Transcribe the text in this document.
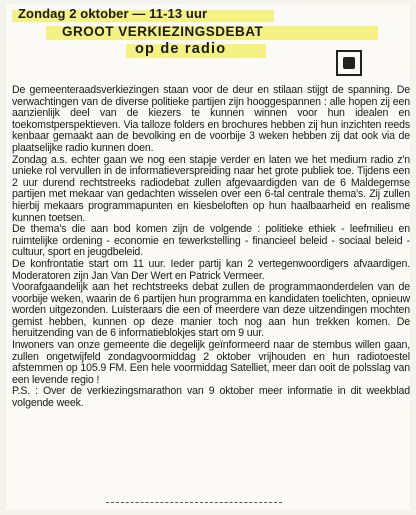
Zondag 2 oktober — 11-13 uur
GROOT VERKIEZINGSDEBAT
op de radio

De gemeenteraadsverkiezingen staan voor de deur en stilaan stijgt de spanning. De verwachtingen van de diverse politieke partijen zijn hooggespannen : alle hopen zij een aanzienlijk deel van de kiezers te kunnen winnen voor hun idealen en toekomstperspektieven. Via talloze folders en brochures hebben zij hun inzichten reeds kenbaar gemaakt aan de bevolking en de voorbije 3 weken hebben zij dat ook via de plaatselijke radio kunnen doen.

Zondag a.s. echter gaan we nog een stapje verder en laten we het medium radio z'n unieke rol vervullen in de informatieverspreiding naar het grote publiek toe. Tijdens een 2 uur durend rechtstreeks radiodebat zullen afgevaardigden van de 6 Maldegemse partijen met mekaar van gedachten wisselen over een 6-tal centrale thema's. Zij zullen hierbij mekaars programmapunten en kiesbeloften op hun haalbaarheid en realisme kunnen toetsen.

De thema's die aan bod komen zijn de volgende : politieke ethiek - leefmilieu en ruimtelijke ordening - economie en tewerkstelling - financieel beleid - sociaal beleid - cultuur, sport en jeugdbeleid.

De konfrontatie start om 11 uur. Ieder partij kan 2 vertegenwoordigers afvaardigen. Moderatoren zijn Jan Van Der Wert en Patrick Vermeer.

Voorafgaandelijk aan het rechtstreeks debat zullen de programmaonderdelen van de voorbije weken, waarin de 6 partijen hun programma en kandidaten toelichten, opnieuw worden uitgezonden. Luisteraars die een of meerdere van deze uitzendingen mochten gemist hebben, kunnen op deze manier toch nog aan hun trekken komen. De heruitzending van de 6 informatieblokjes start om 9 uur.

Inwoners van onze gemeente die degelijk geïnformeerd naar de stembus willen gaan, zullen ongetwijfeld zondagvoormiddag 2 oktober vrijhouden en hun radiotoestel afstemmen op 105.9 FM. Een hele voormiddag Satelliet, meer dan ooit de polsslag van een levende regio !

P.S. : Over de verkiezingsmarathon van 9 oktober meer informatie in dit weekblad volgende week.
